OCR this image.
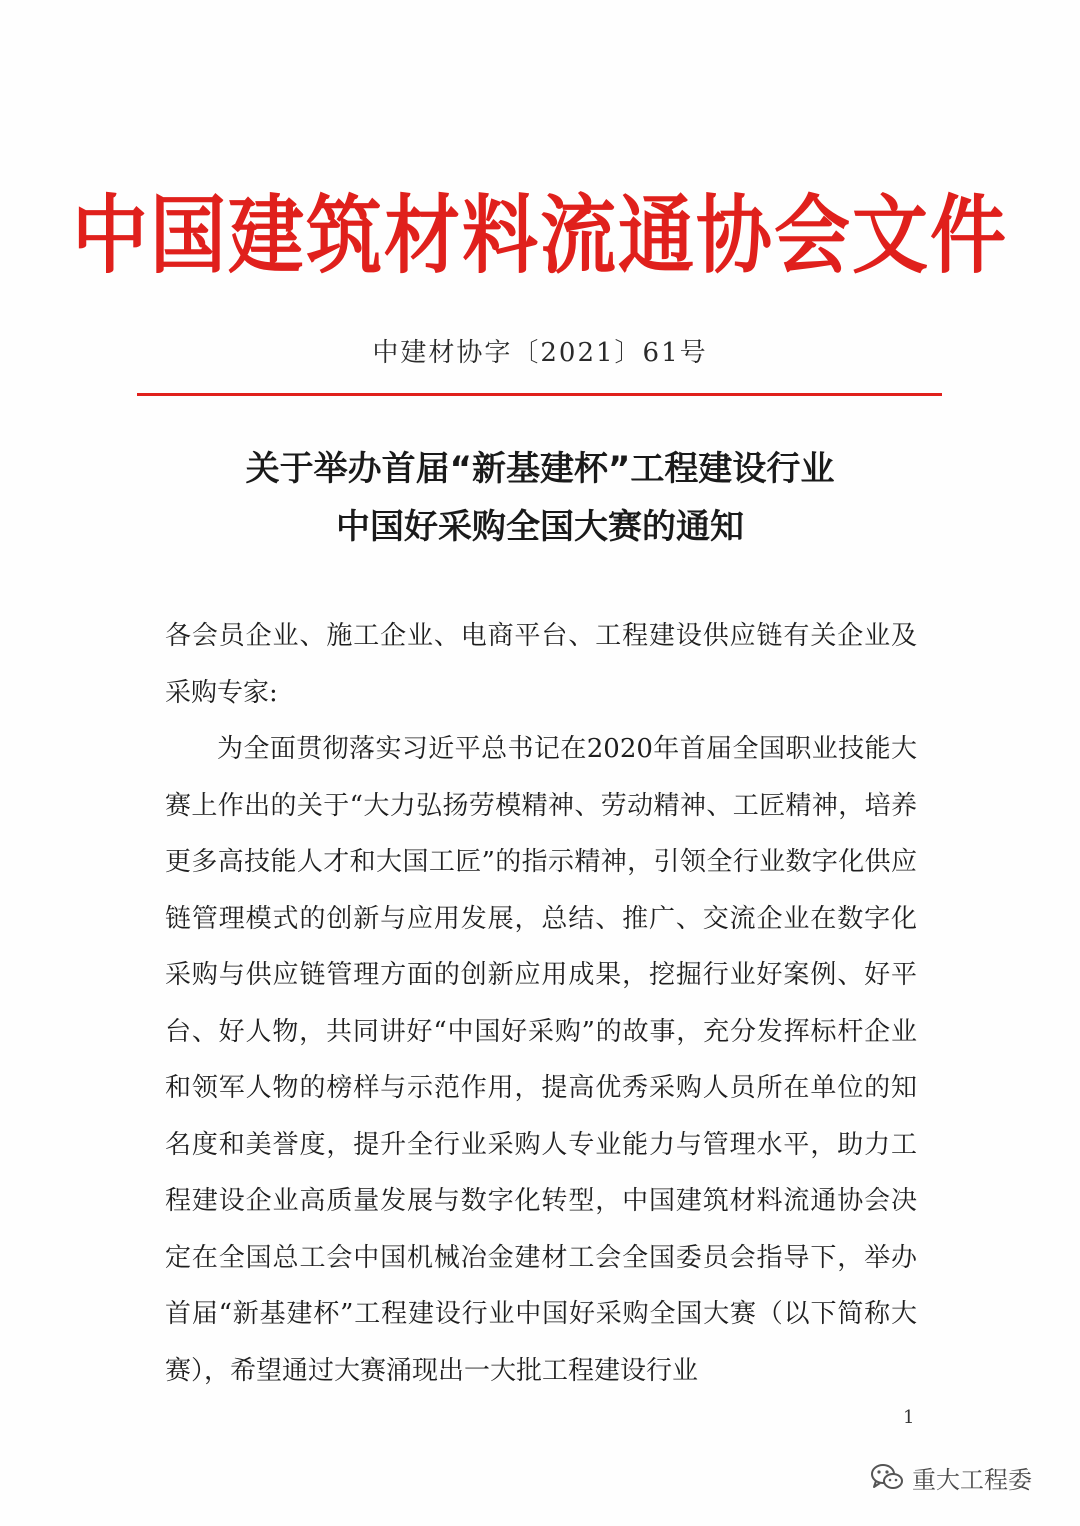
中国建筑材料流通协会文件
中建材协字〔2021〕61号
关于举办首届“新基建杯”工程建设行业
中国好采购全国大赛的通知

各会员企业、施工企业、电商平台、工程建设供应链有关企业及采购专家:

为全面贯彻落实习近平总书记在2020年首届全国职业技能大赛上作出的关于“大力弘扬劳模精神、劳动精神、工匠精神，培养更多高技能人才和大国工匠”的指示精神，引领全行业数字化供应链管理模式的创新与应用发展，总结、推广、交流企业在数字化采购与供应链管理方面的创新应用成果，挖掘行业好案例、好平台、好人物，共同讲好“中国好采购”的故事，充分发挥标杆企业和领军人物的榜样与示范作用，提高优秀采购人员所在单位的知名度和美誉度，提升全行业采购人专业能力与管理水平，助力工程建设企业高质量发展与数字化转型，中国建筑材料流通协会决定在全国总工会中国机械冶金建材工会全国委员会指导下，举办首届“新基建杯”工程建设行业中国好采购全国大赛（以下简称大赛），希望通过大赛涌现出一大批工程建设行业

1
重大工程委
